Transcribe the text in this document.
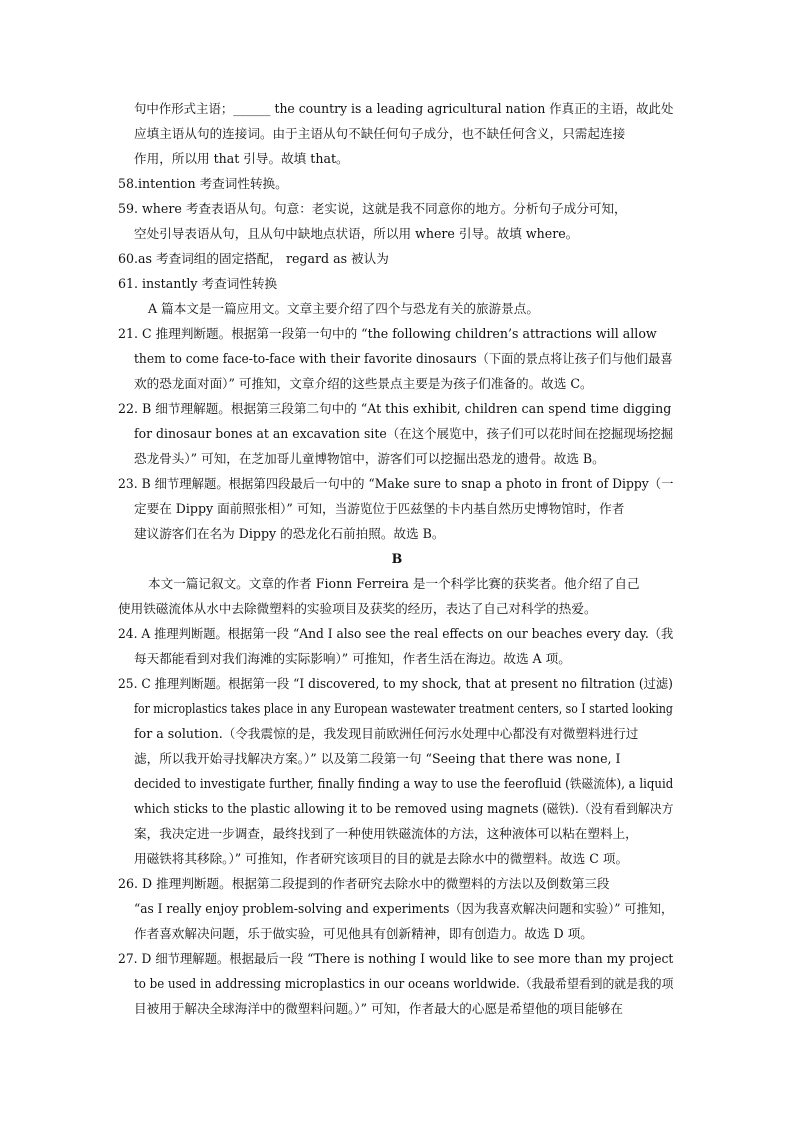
句中作形式主语；______ the country is a leading agricultural nation 作真正的主语，故此处
应填主语从句的连接词。由于主语从句不缺任何句子成分，也不缺任何含义，只需起连接
作用，所以用 that 引导。故填 that。
58.intention 考查词性转换。
59. where 考查表语从句。句意：老实说，这就是我不同意你的地方。分析句子成分可知，
空处引导表语从句，且从句中缺地点状语，所以用 where 引导。故填 where。
60.as 考查词组的固定搭配， regard as 被认为
61. instantly 考查词性转换
A 篇本文是一篇应用文。文章主要介绍了四个与恐龙有关的旅游景点。
21. C 推理判断题。根据第一段第一句中的 “the following children’s attractions will allow
them to come face-to-face with their favorite dinosaurs（下面的景点将让孩子们与他们最喜
欢的恐龙面对面）” 可推知，文章介绍的这些景点主要是为孩子们准备的。故选 C。
22. B 细节理解题。根据第三段第二句中的 “At this exhibit, children can spend time digging
for dinosaur bones at an excavation site（在这个展览中，孩子们可以花时间在挖掘现场挖掘
恐龙骨头）” 可知，在芝加哥儿童博物馆中，游客们可以挖掘出恐龙的遗骨。故选 B。
23. B 细节理解题。根据第四段最后一句中的 “Make sure to snap a photo in front of Dippy（一
定要在 Dippy 面前照张相）” 可知，当游览位于匹兹堡的卡内基自然历史博物馆时，作者
建议游客们在名为 Dippy 的恐龙化石前拍照。故选 B。
B
本文一篇记叙文。文章的作者 Fionn Ferreira 是一个科学比赛的获奖者。他介绍了自己
使用铁磁流体从水中去除微塑料的实验项目及获奖的经历，表达了自己对科学的热爱。
24. A 推理判断题。根据第一段 “And I also see the real effects on our beaches every day.（我
每天都能看到对我们海滩的实际影响）” 可推知，作者生活在海边。故选 A 项。
25. C 推理判断题。根据第一段 “I discovered, to my shock, that at present no filtration (过滤)
for microplastics takes place in any European wastewater treatment centers, so I started looking
for a solution.（令我震惊的是，我发现目前欧洲任何污水处理中心都没有对微塑料进行过
滤，所以我开始寻找解决方案。）” 以及第二段第一句 “Seeing that there was none, I
decided to investigate further, finally finding a way to use the feerofluid (铁磁流体), a liquid
which sticks to the plastic allowing it to be removed using magnets (磁铁).（没有看到解决方
案，我决定进一步调查，最终找到了一种使用铁磁流体的方法，这种液体可以粘在塑料上，
用磁铁将其移除。）” 可推知，作者研究该项目的目的就是去除水中的微塑料。故选 C 项。
26. D 推理判断题。根据第二段提到的作者研究去除水中的微塑料的方法以及倒数第三段
“as I really enjoy problem-solving and experiments（因为我喜欢解决问题和实验）” 可推知，
作者喜欢解决问题，乐于做实验，可见他具有创新精神，即有创造力。故选 D 项。
27. D 细节理解题。根据最后一段 “There is nothing I would like to see more than my project
to be used in addressing microplastics in our oceans worldwide.（我最希望看到的就是我的项
目被用于解决全球海洋中的微塑料问题。）” 可知，作者最大的心愿是希望他的项目能够在
